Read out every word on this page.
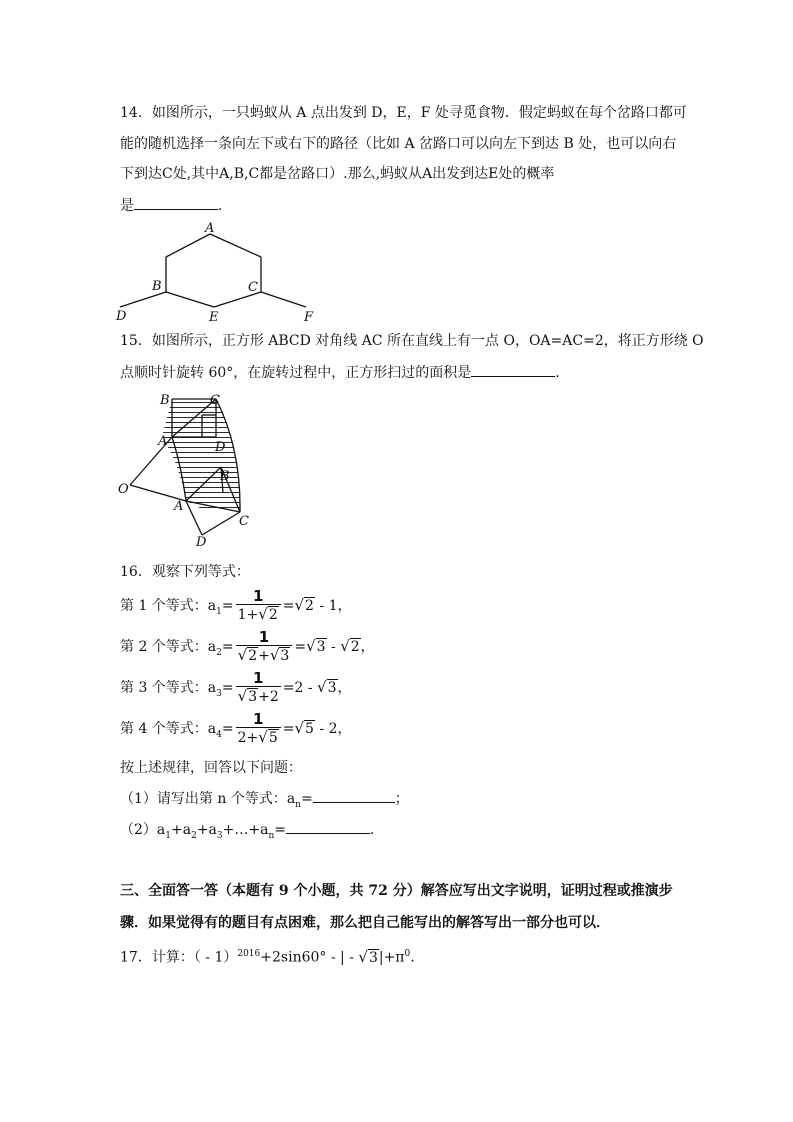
14．如图所示，一只蚂蚁从 A 点出发到 D，E，F 处寻觅食物．假定蚂蚁在每个岔路口都可
能的随机选择一条向左下或右下的路径（比如 A 岔路口可以向左下到达 B 处，也可以向右
下到达C处,其中A,B,C都是岔路口）.那么,蚂蚁从A出发到达E处的概率
是	．
A
B	C
D	E	F
15．如图所示，正方形 ABCD 对角线 AC 所在直线上有一点 O，OA=AC=2，将正方形绕 O
点顺时针旋转 60°，在旋转过程中，正方形扫过的面积是	．
B	C
A	D
O
B
A
C
D
16．观察下列等式：
第 1 个等式：$a_1= \frac{1}{1+√2} =√2 - 1$，
第 2 个等式：$a_2= \frac{1}{√2+√3} =√3 - √2$，
第 3 个等式：$a_3= \frac{1}{√3+2} =2 - √3$，
第 4 个等式：$a_4= \frac{1}{2+√5} =√5 - 2$，
按上述规律，回答以下问题：
（1）请写出第 n 个等式：$a_n=$	；
$(2)a_1+a_2+a_3+\dots+a_n=$	．
三、全面答一答（本题有 9 个小题，共 72 分）解答应写出文字说明，证明过程或推演步
骤．如果觉得有的题目有点困难，那么把自己能写出的解答写出一部分也可以．
17．计算：（ - 1）$^{2016}$+2sin60° - | - $√3|+\pi^0$.
